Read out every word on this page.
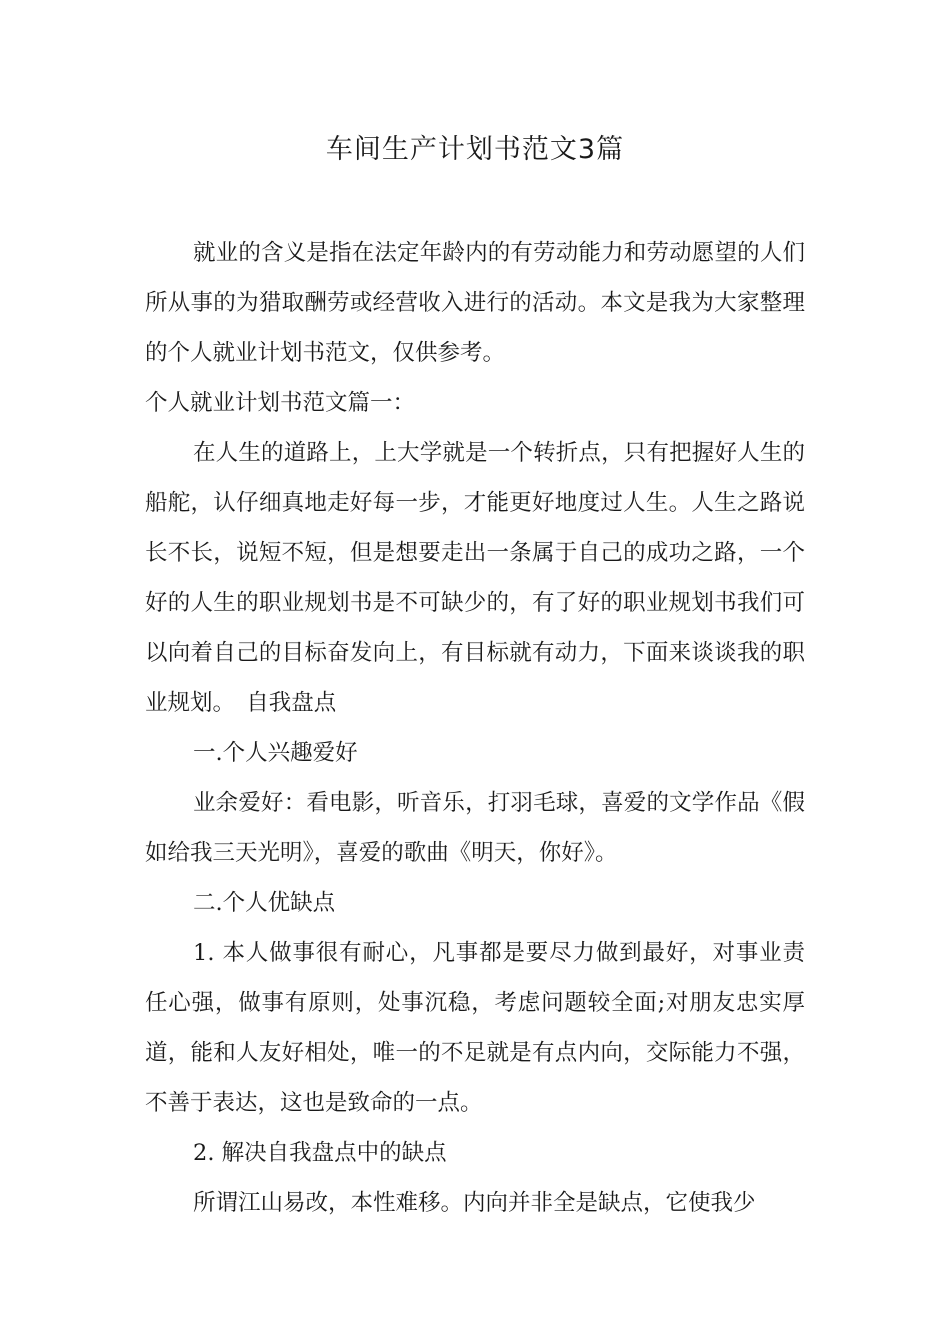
车间生产计划书范文3篇

就业的含义是指在法定年龄内的有劳动能力和劳动愿望的人们所从事的为猎取酬劳或经营收入进行的活动。本文是我为大家整理的个人就业计划书范文，仅供参考。

个人就业计划书范文篇一：

在人生的道路上，上大学就是一个转折点，只有把握好人生的船舵，认仔细真地走好每一步，才能更好地度过人生。人生之路说长不长，说短不短，但是想要走出一条属于自己的成功之路，一个好的人生的职业规划书是不可缺少的，有了好的职业规划书我们可以向着自己的目标奋发向上，有目标就有动力，下面来谈谈我的职业规划。　自我盘点

一.个人兴趣爱好

业余爱好：看电影，听音乐，打羽毛球，喜爱的文学作品《假如给我三天光明》，喜爱的歌曲《明天，你好》。

二.个人优缺点

1. 本人做事很有耐心，凡事都是要尽力做到最好，对事业责任心强，做事有原则，处事沉稳，考虑问题较全面;对朋友忠实厚道，能和人友好相处，唯一的不足就是有点内向，交际能力不强，不善于表达，这也是致命的一点。

2. 解决自我盘点中的缺点

所谓江山易改，本性难移。内向并非全是缺点，它使我少
